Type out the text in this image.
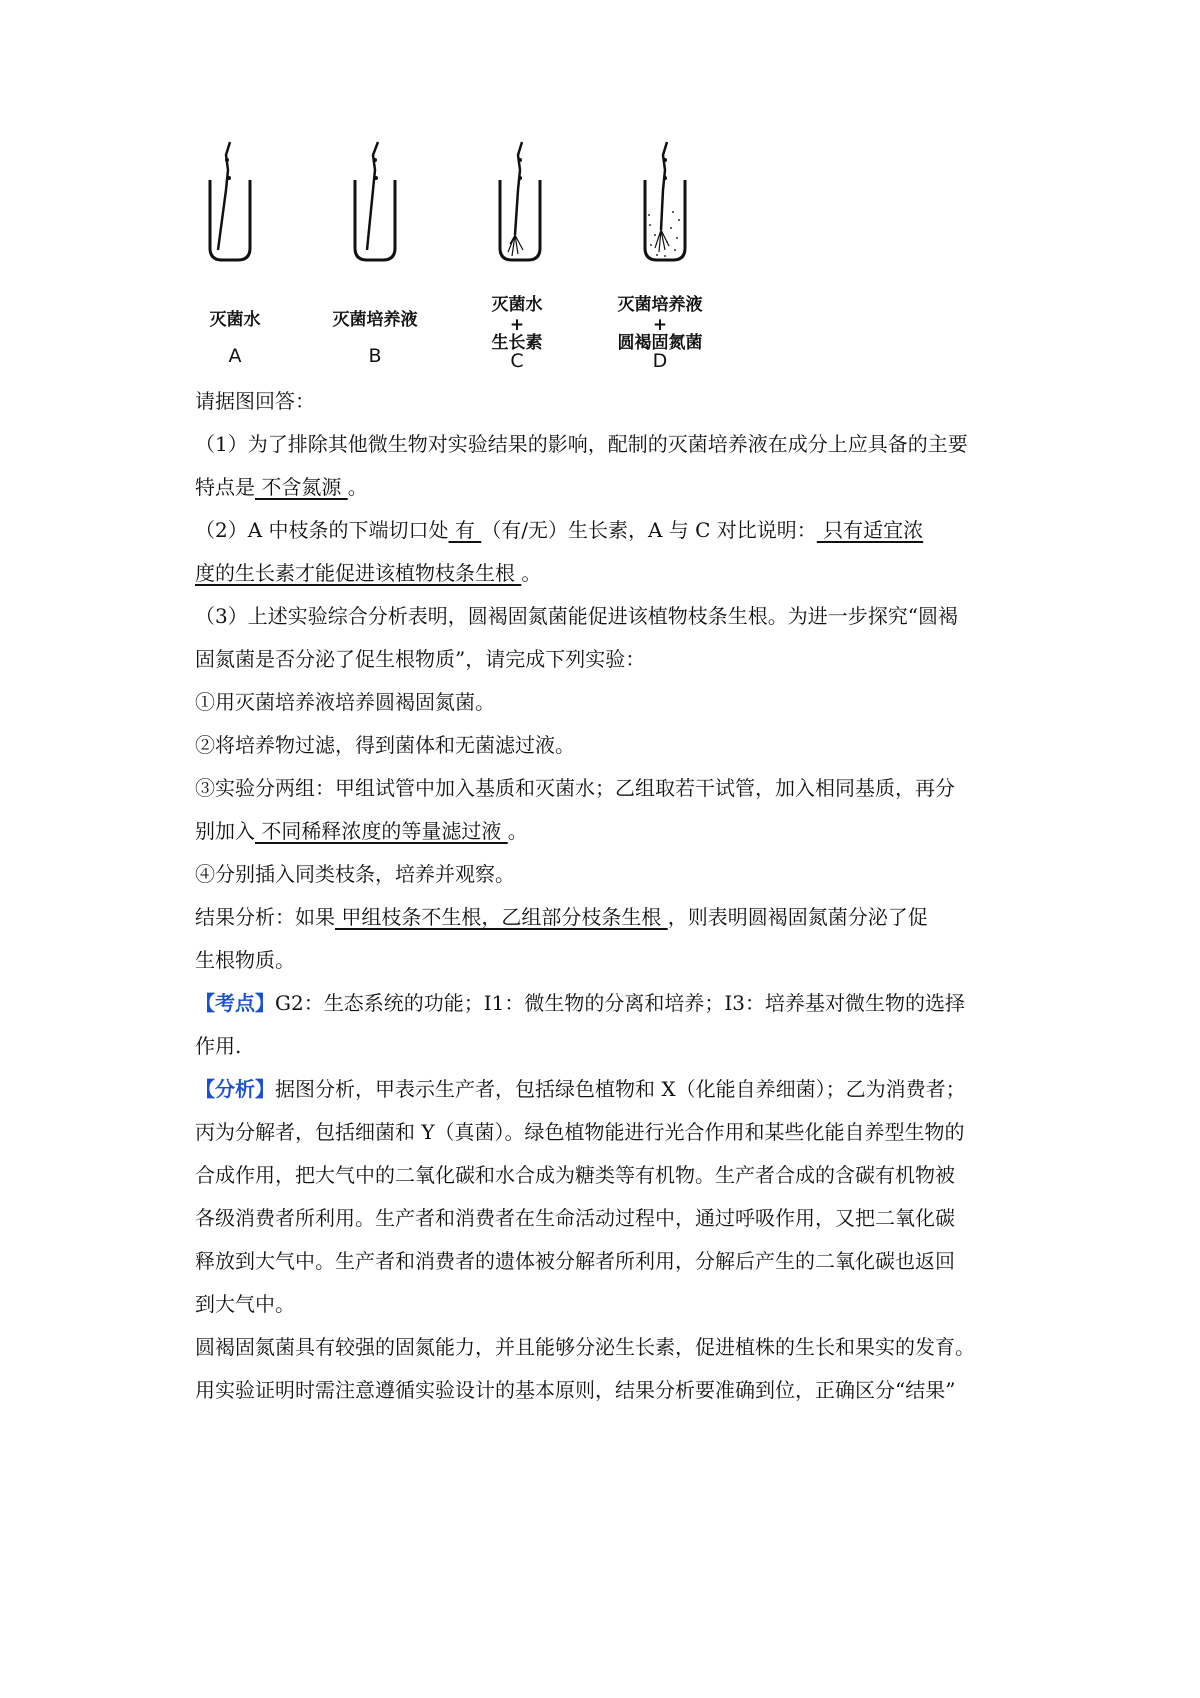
灭菌水
A
灭菌培养液
B
灭菌水
+
生长素
C
灭菌培养液
+
圆褐固氮菌
D
请据图回答：
（1）为了排除其他微生物对实验结果的影响，配制的灭菌培养液在成分上应具备的主要
特点是 不含氮源 。
（2）A 中枝条的下端切口处 有 （有/无）生长素，A 与 C 对比说明： 只有适宜浓
度的生长素才能促进该植物枝条生根 。
（3）上述实验综合分析表明，圆褐固氮菌能促进该植物枝条生根。为进一步探究“圆褐
固氮菌是否分泌了促生根物质”，请完成下列实验：
①用灭菌培养液培养圆褐固氮菌。
②将培养物过滤，得到菌体和无菌滤过液。
③实验分两组：甲组试管中加入基质和灭菌水；乙组取若干试管，加入相同基质，再分
别加入 不同稀释浓度的等量滤过液 。
④分别插入同类枝条，培养并观察。
结果分析：如果 甲组枝条不生根，乙组部分枝条生根 ，则表明圆褐固氮菌分泌了促
生根物质。
【考点】G2：生态系统的功能；I1：微生物的分离和培养；I3：培养基对微生物的选择
作用.
【分析】据图分析，甲表示生产者，包括绿色植物和 X（化能自养细菌）；乙为消费者；
丙为分解者，包括细菌和 Y（真菌）。绿色植物能进行光合作用和某些化能自养型生物的
合成作用，把大气中的二氧化碳和水合成为糖类等有机物。生产者合成的含碳有机物被
各级消费者所利用。生产者和消费者在生命活动过程中，通过呼吸作用，又把二氧化碳
释放到大气中。生产者和消费者的遗体被分解者所利用，分解后产生的二氧化碳也返回
到大气中。
圆褐固氮菌具有较强的固氮能力，并且能够分泌生长素，促进植株的生长和果实的发育。
用实验证明时需注意遵循实验设计的基本原则，结果分析要准确到位，正确区分“结果”
